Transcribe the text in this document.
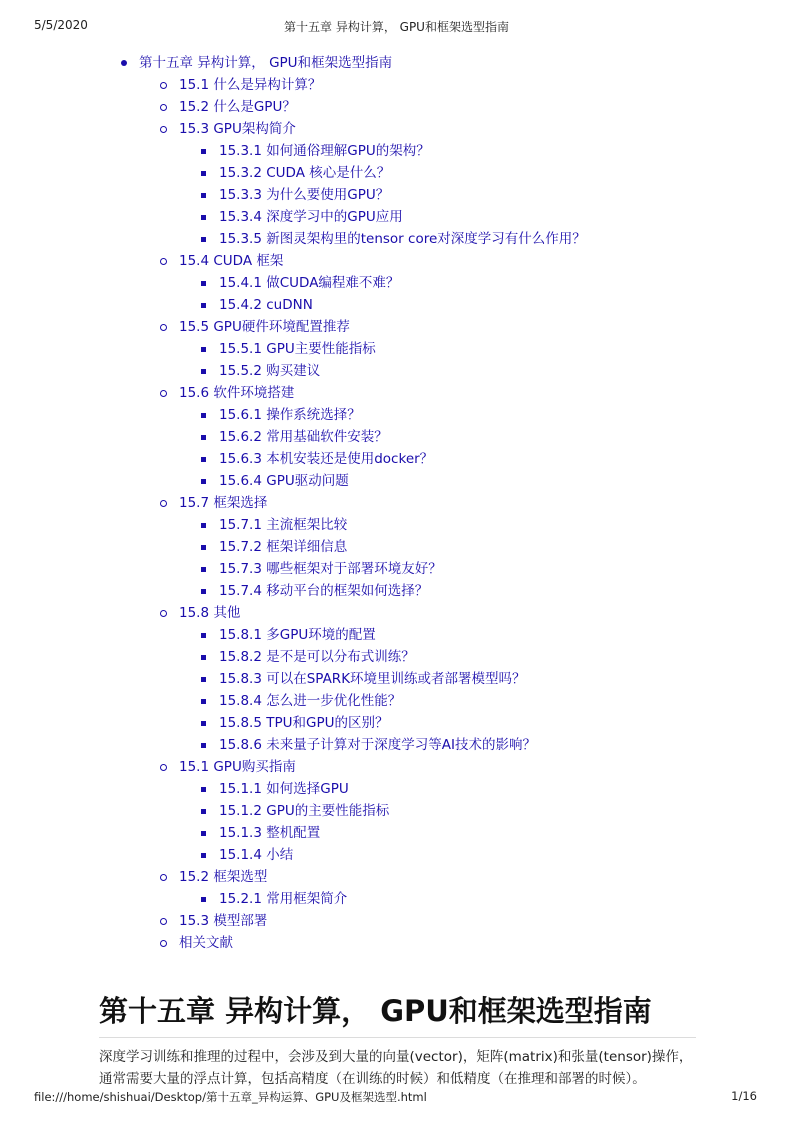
5/5/2020	第十五章 异构计算， GPU和框架选型指南
第十五章 异构计算， GPU和框架选型指南
15.1 什么是异构计算？
15.2 什么是GPU？
15.3 GPU架构简介
15.3.1 如何通俗理解GPU的架构？
15.3.2 CUDA 核心是什么？
15.3.3 为什么要使用GPU？
15.3.4 深度学习中的GPU应用
15.3.5 新图灵架构里的tensor core对深度学习有什么作用？
15.4 CUDA 框架
15.4.1 做CUDA编程难不难？
15.4.2 cuDNN
15.5 GPU硬件环境配置推荐
15.5.1 GPU主要性能指标
15.5.2 购买建议
15.6 软件环境搭建
15.6.1 操作系统选择？
15.6.2 常用基础软件安装？
15.6.3 本机安装还是使用docker？
15.6.4 GPU驱动问题
15.7 框架选择
15.7.1 主流框架比较
15.7.2 框架详细信息
15.7.3 哪些框架对于部署环境友好？
15.7.4 移动平台的框架如何选择？
15.8 其他
15.8.1 多GPU环境的配置
15.8.2 是不是可以分布式训练？
15.8.3 可以在SPARK环境里训练或者部署模型吗？
15.8.4 怎么进一步优化性能？
15.8.5 TPU和GPU的区别？
15.8.6 未来量子计算对于深度学习等AI技术的影响？
15.1 GPU购买指南
15.1.1 如何选择GPU
15.1.2 GPU的主要性能指标
15.1.3 整机配置
15.1.4 小结
15.2 框架选型
15.2.1 常用框架简介
15.3 模型部署
相关文献
第十五章 异构计算， GPU和框架选型指南

深度学习训练和推理的过程中，会涉及到大量的向量(vector)，矩阵(matrix)和张量(tensor)操作，通常需要大量的浮点计算，包括高精度（在训练的时候）和低精度（在推理和部署的时候）。

file:///home/shishuai/Desktop/第十五章_异构运算、GPU及框架选型.html	1/16
